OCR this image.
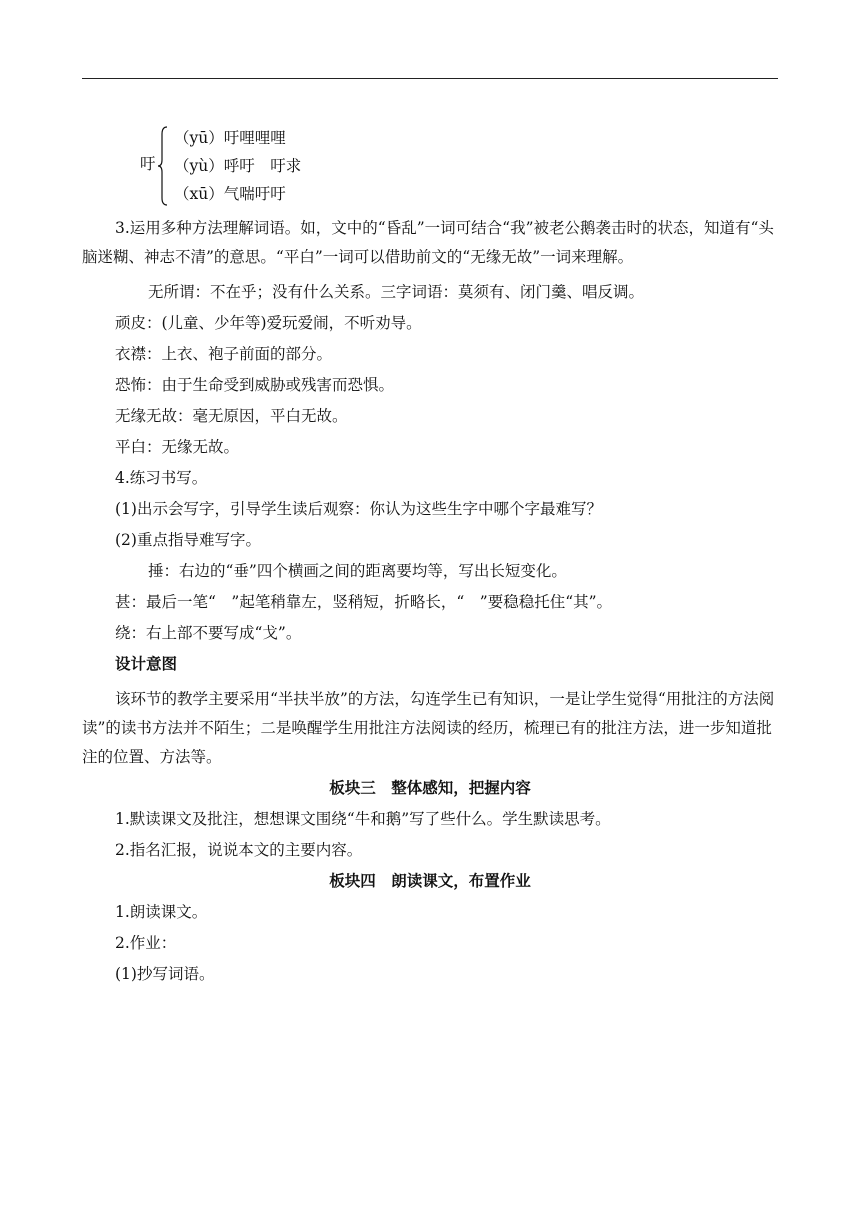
吁
（yū）吁哩哩哩
（yù）呼吁　吁求
（xū）气喘吁吁

3.运用多种方法理解词语。如，文中的“昏乱”一词可结合“我”被老公鹅袭击时的状态，知道有“头脑迷糊、神志不清”的意思。“平白”一词可以借助前文的“无缘无故”一词来理解。

无所谓：不在乎；没有什么关系。三字词语：莫须有、闭门羹、唱反调。
顽皮：(儿童、少年等)爱玩爱闹，不听劝导。
衣襟：上衣、袍子前面的部分。
恐怖：由于生命受到威胁或残害而恐惧。
无缘无故：毫无原因，平白无故。
平白：无缘无故。
4.练习书写。
(1)出示会写字，引导学生读后观察：你认为这些生字中哪个字最难写？
(2)重点指导难写字。
捶：右边的“垂”四个横画之间的距离要均等，写出长短变化。
甚：最后一笔“　”起笔稍靠左，竖稍短，折略长，“　”要稳稳托住“其”。
绕：右上部不要写成“戈”。
设计意图

该环节的教学主要采用“半扶半放”的方法，勾连学生已有知识，一是让学生觉得“用批注的方法阅读”的读书方法并不陌生；二是唤醒学生用批注方法阅读的经历，梳理已有的批注方法，进一步知道批注的位置、方法等。

板块三　整体感知，把握内容
1.默读课文及批注，想想课文围绕“牛和鹅”写了些什么。学生默读思考。
2.指名汇报，说说本文的主要内容。
板块四　朗读课文，布置作业
1.朗读课文。
2.作业：
(1)抄写词语。
